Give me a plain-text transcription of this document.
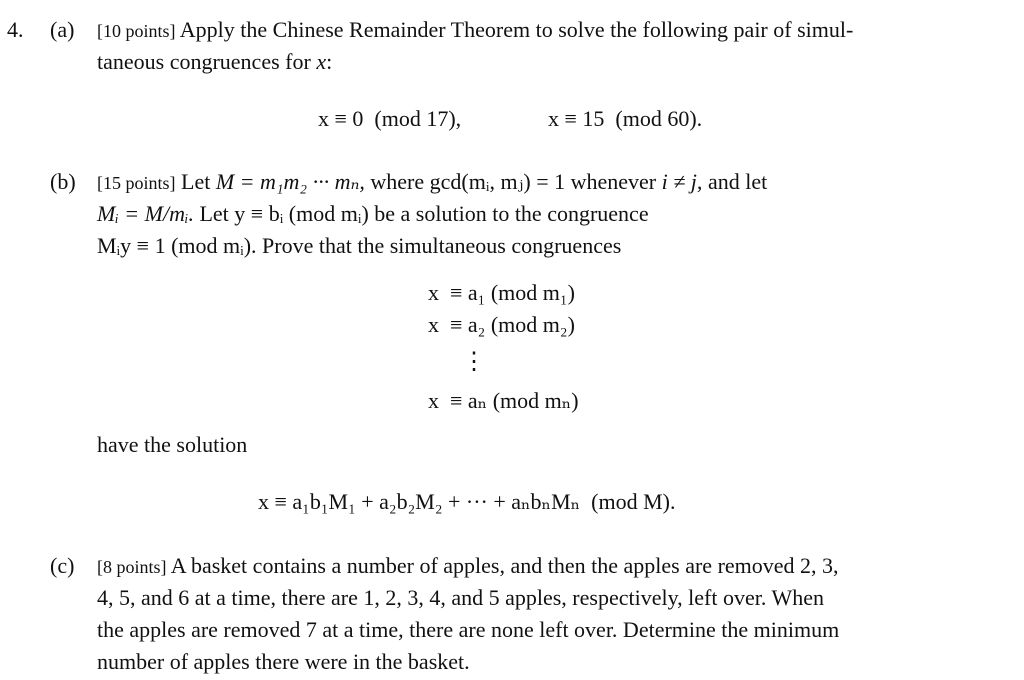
4. (a) [10 points] Apply the Chinese Remainder Theorem to solve the following pair of simul-
taneous congruences for x:
x ≡ 0  (mod 17),	x ≡ 15  (mod 60).
(b) [15 points] Let M = m₁m₂ ··· mₙ, where gcd(mᵢ, mⱼ) = 1 whenever i ≠ j, and let
Mᵢ = M/mᵢ. Let y ≡ bᵢ (mod mᵢ) be a solution to the congruence
Mᵢy ≡ 1 (mod mᵢ). Prove that the simultaneous congruences
x  ≡ a₁ (mod m₁)
x  ≡ a₂ (mod m₂)
⋮
x  ≡ aₙ (mod mₙ)
have the solution
x ≡ a₁b₁M₁ + a₂b₂M₂ + ··· + aₙbₙMₙ  (mod M).
(c) [8 points] A basket contains a number of apples, and then the apples are removed 2, 3,
4, 5, and 6 at a time, there are 1, 2, 3, 4, and 5 apples, respectively, left over. When
the apples are removed 7 at a time, there are none left over. Determine the minimum
number of apples there were in the basket.
